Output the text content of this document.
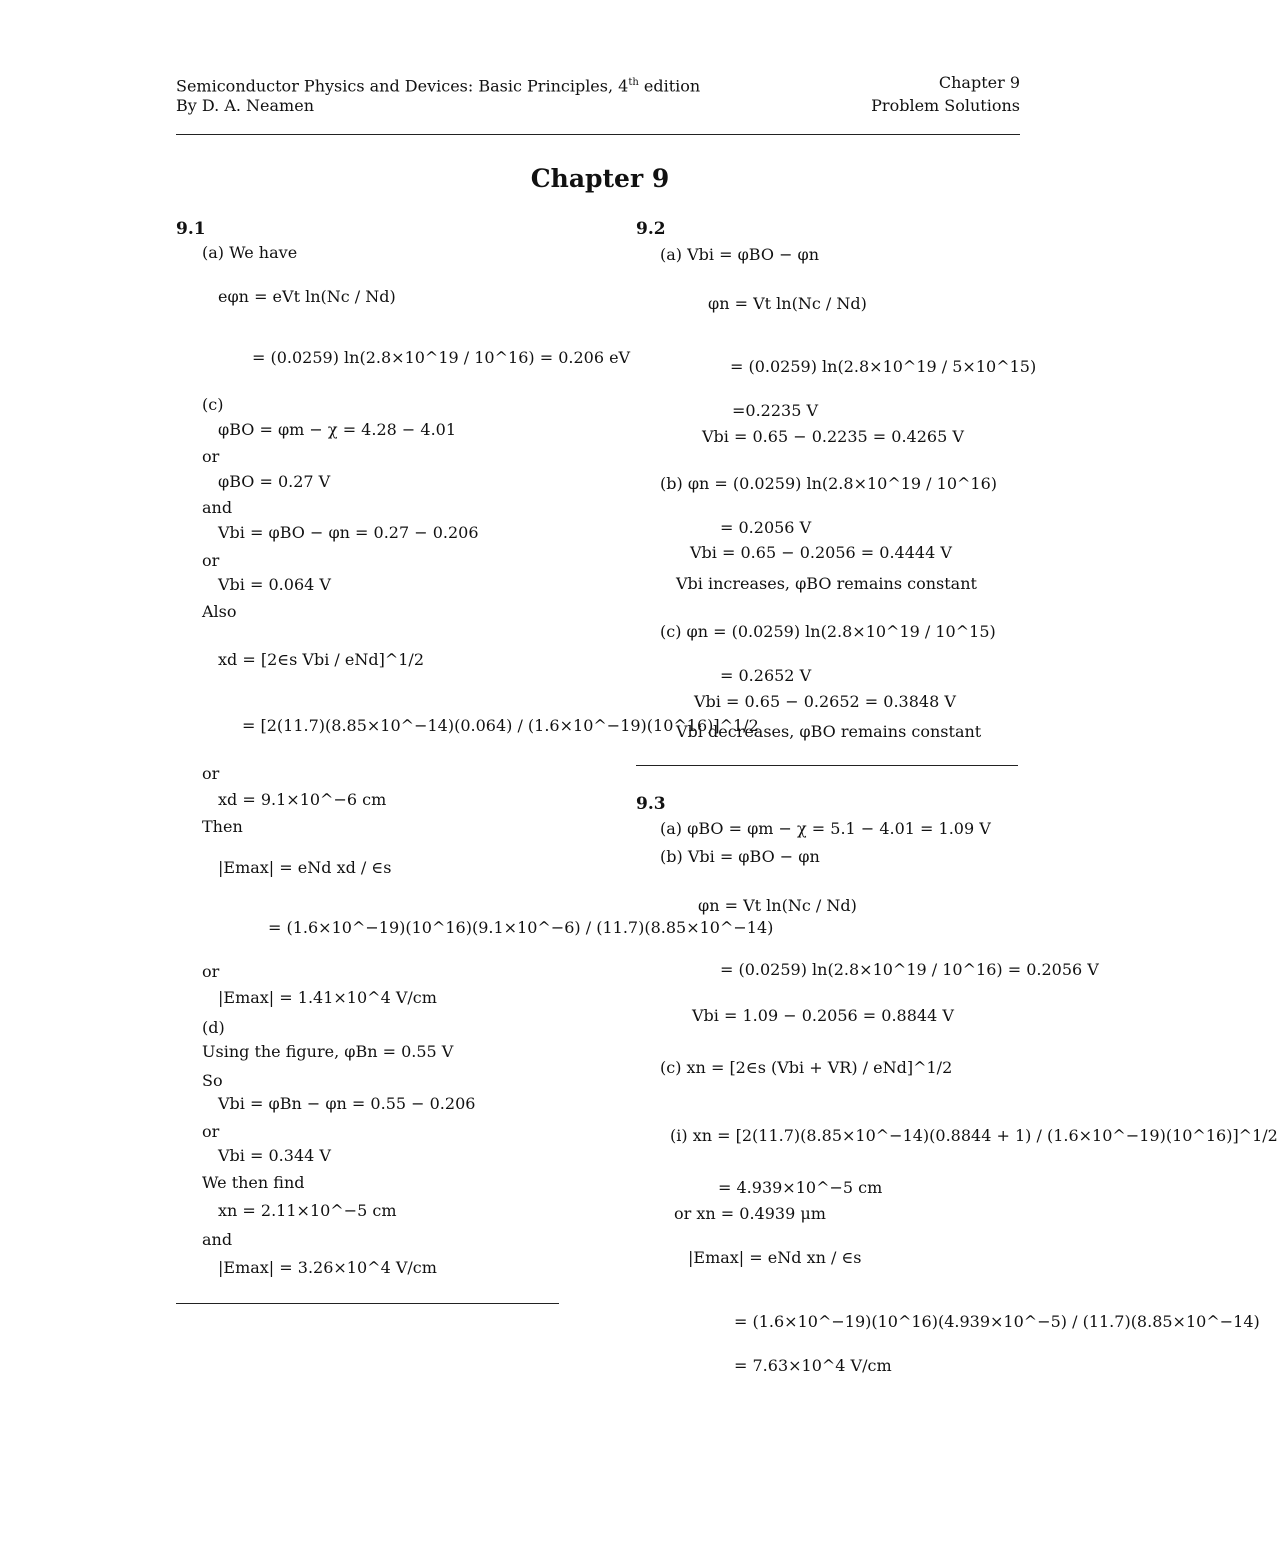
Semiconductor Physics and Devices: Basic Principles, 4th edition
By D. A. Neamen
Chapter 9
Problem Solutions
Chapter 9
9.1
(a) We have
eφn = eVt ln(Nc / Nd)
= (0.0259) ln(2.8×10^19 / 10^16) = 0.206 eV
(c)
φBO = φm − χ = 4.28 − 4.01
or
φBO = 0.27 V
and
Vbi = φBO − φn = 0.27 − 0.206
or
Vbi = 0.064 V
Also
xd = [2∈s Vbi / eNd]^1/2
= [2(11.7)(8.85×10^−14)(0.064) / (1.6×10^−19)(10^16)]^1/2
or
xd = 9.1×10^−6 cm
Then
|Emax| = eNd xd / ∈s
= (1.6×10^−19)(10^16)(9.1×10^−6) / (11.7)(8.85×10^−14)
or
|Emax| = 1.41×10^4 V/cm
(d)
Using the figure, φBn = 0.55 V
So
Vbi = φBn − φn = 0.55 − 0.206
or
Vbi = 0.344 V
We then find
xn = 2.11×10^−5 cm
and
|Emax| = 3.26×10^4 V/cm
9.2
(a) Vbi = φBO − φn
φn = Vt ln(Nc / Nd)
= (0.0259) ln(2.8×10^19 / 5×10^15)
=0.2235 V
Vbi = 0.65 − 0.2235 = 0.4265 V
(b) φn = (0.0259) ln(2.8×10^19 / 10^16)
= 0.2056 V
Vbi = 0.65 − 0.2056 = 0.4444 V
Vbi increases, φBO remains constant
(c) φn = (0.0259) ln(2.8×10^19 / 10^15)
= 0.2652 V
Vbi = 0.65 − 0.2652 = 0.3848 V
Vbi decreases, φBO remains constant
9.3
(a) φBO = φm − χ = 5.1 − 4.01 = 1.09 V
(b) Vbi = φBO − φn
φn = Vt ln(Nc / Nd)
= (0.0259) ln(2.8×10^19 / 10^16) = 0.2056 V
Vbi = 1.09 − 0.2056 = 0.8844 V
(c) xn = [2∈s (Vbi + VR) / eNd]^1/2
(i) xn = [2(11.7)(8.85×10^−14)(0.8844 + 1) / (1.6×10^−19)(10^16)]^1/2
= 4.939×10^−5 cm
or xn = 0.4939 μm
|Emax| = eNd xn / ∈s
= (1.6×10^−19)(10^16)(4.939×10^−5) / (11.7)(8.85×10^−14)
= 7.63×10^4 V/cm
